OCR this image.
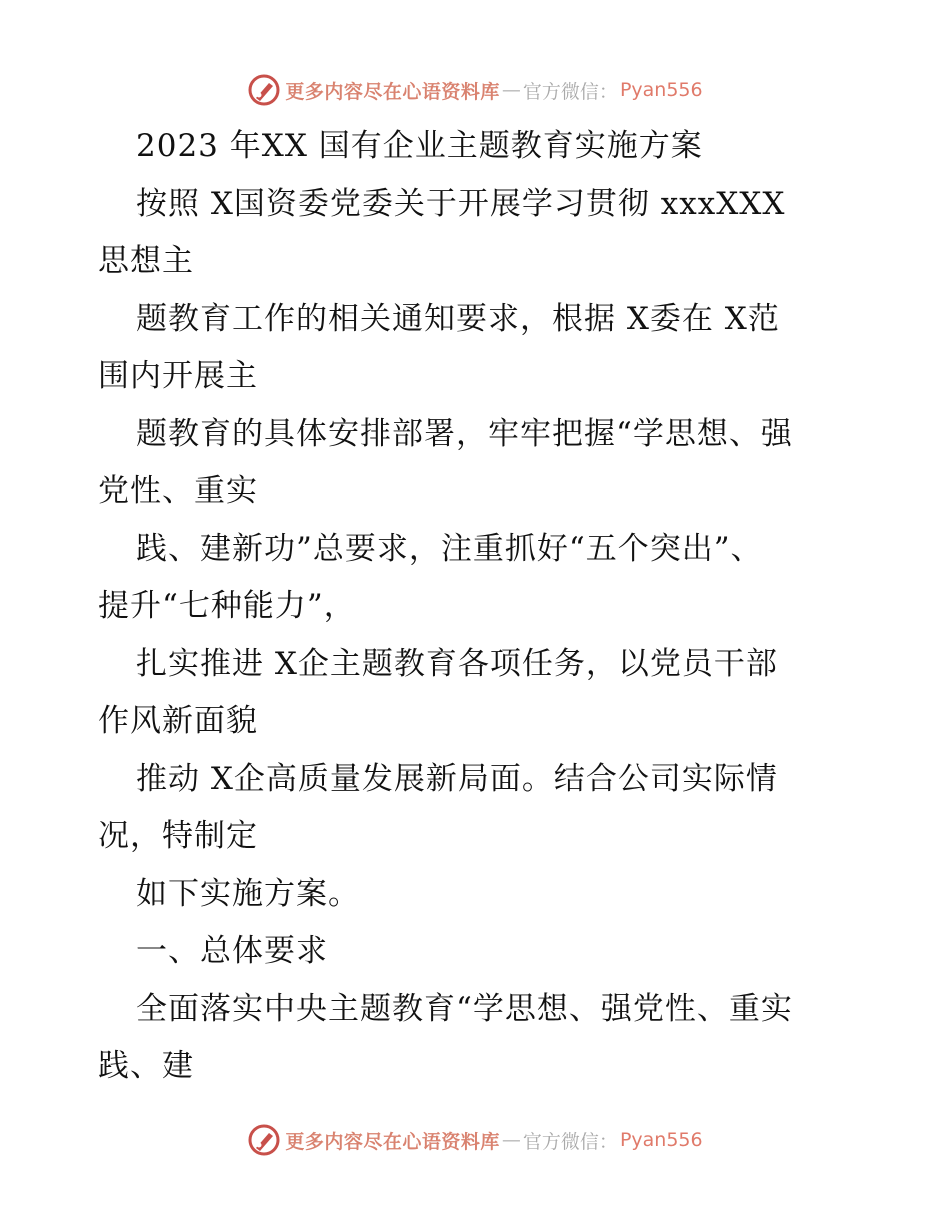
更多内容尽在心语资料库 — 官方微信： Pyan556
2023 年XX 国有企业主题教育实施方案
按照 X国资委党委关于开展学习贯彻 xxxXXX
思想主
题教育工作的相关通知要求，根据 X委在 X范
围内开展主
题教育的具体安排部署，牢牢把握“学思想、强
党性、重实
践、建新功”总要求，注重抓好“五个突出”、
提升“七种能力”，
扎实推进 X企主题教育各项任务，以党员干部
作风新面貌
推动 X企高质量发展新局面。结合公司实际情
况，特制定
如下实施方案。
一、总体要求
全面落实中央主题教育“学思想、强党性、重实
践、建
更多内容尽在心语资料库 — 官方微信： Pyan556
